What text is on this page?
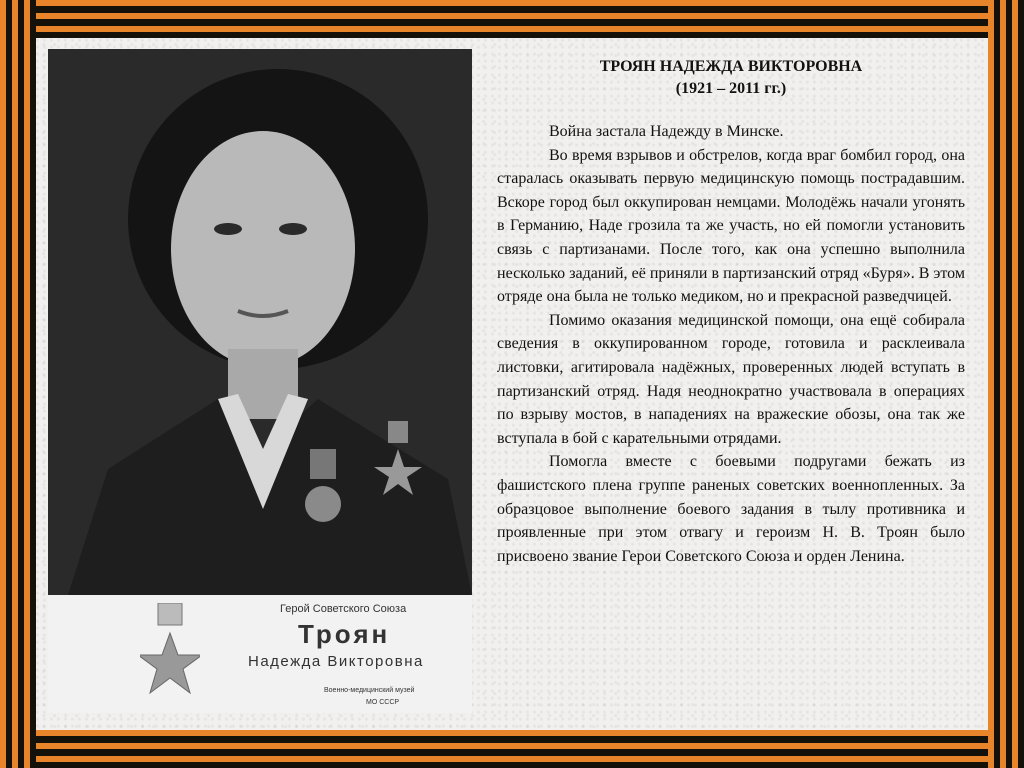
Герой Советского Союза
Троян
Надежда Викторовна
Военно-медицинский музей
МО СССР
ТРОЯН НАДЕЖДА ВИКТОРОВНА
(1921 – 2011 гг.)

Война застала Надежду в Минске.

Во время взрывов и обстрелов, когда враг бомбил город, она старалась оказывать первую медицинскую помощь пострадавшим. Вскоре город был оккупирован немцами. Молодёжь начали угонять в Германию, Наде грозила та же участь, но ей помогли установить связь с партизанами. После того, как она успешно выполнила несколько заданий, её приняли в партизанский отряд «Буря». В этом отряде она была не только медиком, но и прекрасной разведчицей.

Помимо оказания медицинской помощи, она ещё собирала сведения в оккупированном городе, готовила и расклеивала листовки, агитировала надёжных, проверенных людей вступать в партизанский отряд. Надя неоднократно участвовала в операциях по взрыву мостов, в нападениях на вражеские обозы, она так же вступала в бой с карательными отрядами.

Помогла вместе с боевыми подругами бежать из фашистского плена группе раненых советских военнопленных. За образцовое выполнение боевого задания в тылу противника и проявленные при этом отвагу и героизм Н. В. Троян было присвоено звание Герои Советского Союза и орден Ленина.
